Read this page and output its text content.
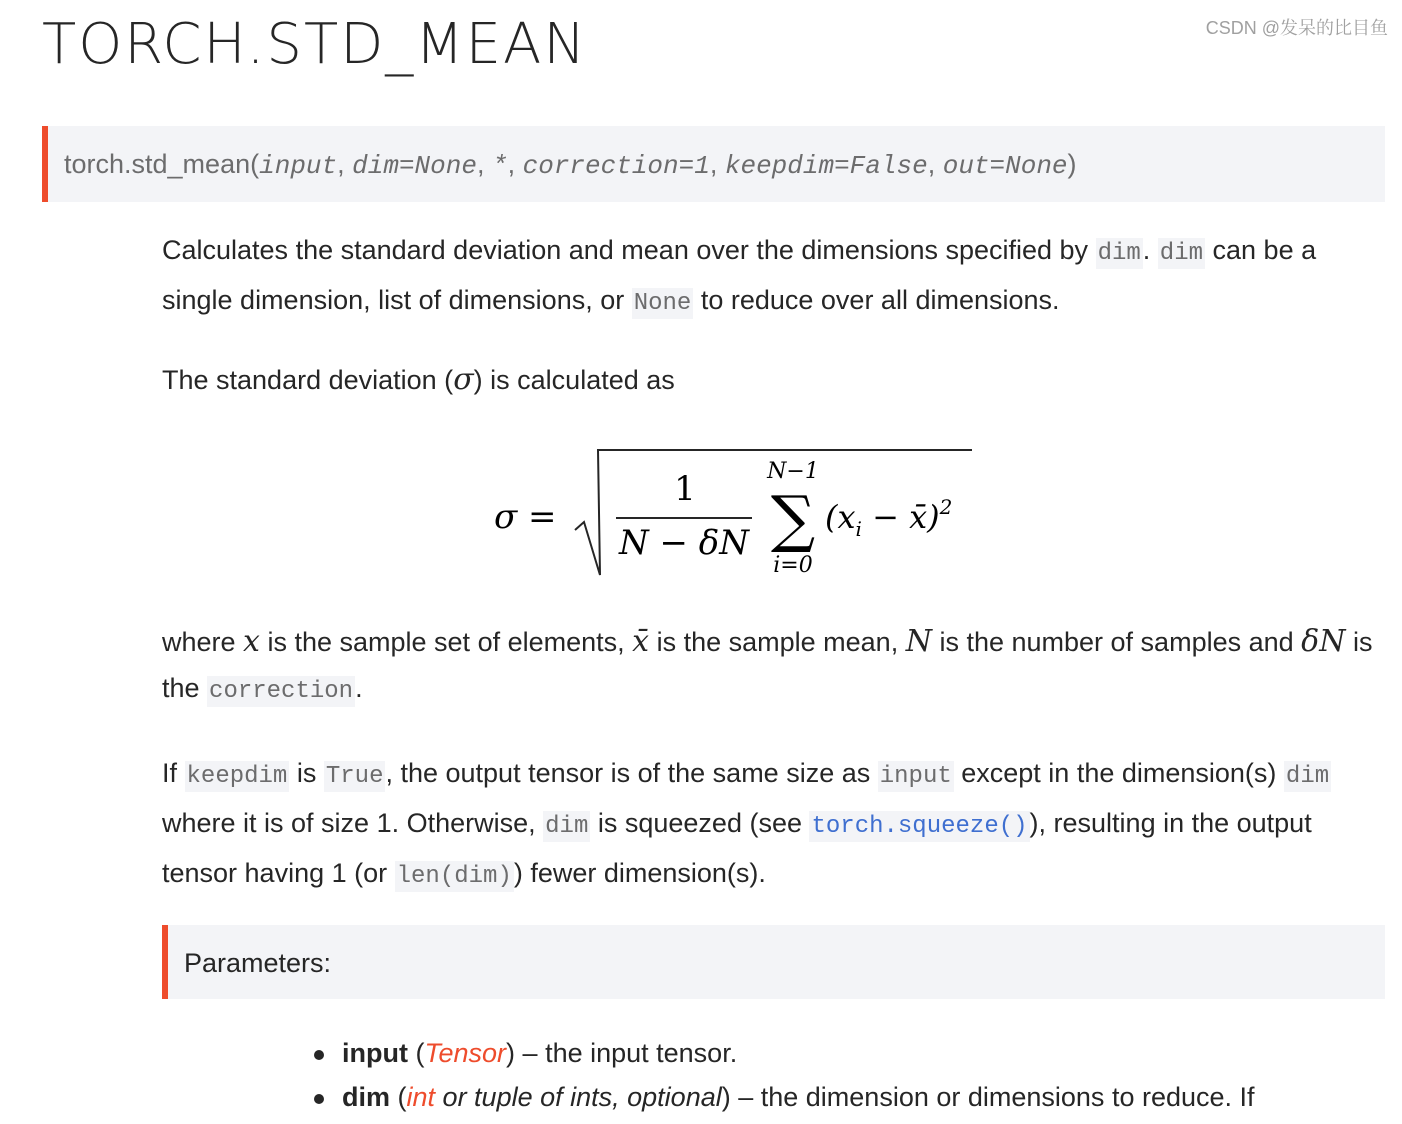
TORCH.STD_MEAN
torch.std_mean(input, dim=None, *, correction=1, keepdim=False, out=None)
Calculates the standard deviation and mean over the dimensions specified by dim. dim can be a single dimension, list of dimensions, or None to reduce over all dimensions.
The standard deviation (σ) is calculated as
σ =
1
N − δN
N−1
∑
i=0
($x_i$ − x̄)$^2$
where x is the sample set of elements, x̄ is the sample mean, N is the number of samples and δN is the correction.
If keepdim is True, the output tensor is of the same size as input except in the dimension(s) dim where it is of size 1. Otherwise, dim is squeezed (see torch.squeeze()), resulting in the output tensor having 1 (or len(dim)) fewer dimension(s).
Parameters:
input (Tensor) – the input tensor.
dim (int or tuple of ints, optional) – the dimension or dimensions to reduce. If
CSDN @发呆的比目鱼
